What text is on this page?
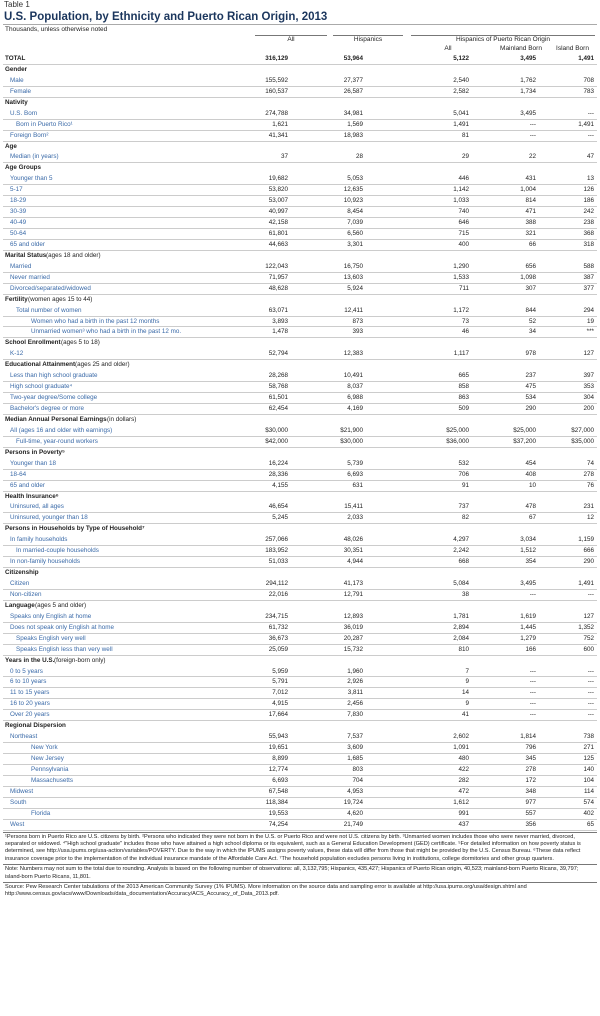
Table 1
U.S. Population, by Ethnicity and Puerto Rican Origin, 2013
Thousands, unless otherwise noted
All	Hispanics	Hispanics of Puerto Rican Origin
All	Mainland Born	Island Born
TOTAL	316,129	53,964	5,122	3,495	1,491
Gender
Male	155,592	27,377	2,540	1,762	708
Female	160,537	26,587	2,582	1,734	783
Nativity
U.S. Born	274,788	34,981	5,041	3,495	---
Born in Puerto Rico¹	1,621	1,569	1,491	---	1,491
Foreign Born²	41,341	18,983	81	---	---
Age
Median (in years)	37	28	29	22	47
Age Groups
Younger than 5	19,682	5,053	446	431	13
5-17	53,820	12,635	1,142	1,004	126
18-29	53,007	10,923	1,033	814	186
30-39	40,997	8,454	740	471	242
40-49	42,158	7,039	646	388	238
50-64	61,801	6,560	715	321	368
65 and older	44,663	3,301	400	66	318
Marital Status (ages 18 and older)
Married	122,043	16,750	1,290	656	588
Never married	71,957	13,603	1,533	1,098	387
Divorced/separated/widowed	48,628	5,924	711	307	377
Fertility (women ages 15 to 44)
Total number of women	63,071	12,411	1,172	844	294
Women who had a birth in the past 12 months	3,893	873	73	52	19
Unmarried women³ who had a birth in the past 12 mo.	1,478	393	46	34	***
School Enrollment (ages 5 to 18)
K-12	52,794	12,383	1,117	978	127
Educational Attainment (ages 25 and older)
Less than high school graduate	28,268	10,491	665	237	397
High school graduate⁴	58,768	8,037	858	475	353
Two-year degree/Some college	61,501	6,988	863	534	304
Bachelor's degree or more	62,454	4,169	509	290	200
Median Annual Personal Earnings (in dollars)
All (ages 16 and older with earnings)	$30,000	$21,900	$25,000	$25,000	$27,000
Full-time, year-round workers	$42,000	$30,000	$36,000	$37,200	$35,000
Persons in Poverty⁵
Younger than 18	16,224	5,739	532	454	74
18-64	28,336	6,693	706	408	278
65 and older	4,155	631	91	10	76
Health Insurance⁶
Uninsured, all ages	46,654	15,411	737	478	231
Uninsured, younger than 18	5,245	2,033	82	67	12
Persons in Households by Type of Household⁷
In family households	257,066	48,026	4,297	3,034	1,159
In married-couple households	183,952	30,351	2,242	1,512	666
In non-family households	51,033	4,944	668	354	290
Citizenship
Citizen	294,112	41,173	5,084	3,495	1,491
Non-citizen	22,016	12,791	38	---	---
Language (ages 5 and older)
Speaks only English at home	234,715	12,893	1,781	1,619	127
Does not speak only English at home	61,732	36,019	2,894	1,445	1,352
Speaks English very well	36,673	20,287	2,084	1,279	752
Speaks English less than very well	25,059	15,732	810	166	600
Years in the U.S. (foreign-born only)
0 to 5 years	5,959	1,960	7	---	---
6 to 10 years	5,791	2,926	9	---	---
11 to 15 years	7,012	3,811	14	---	---
16 to 20 years	4,915	2,456	9	---	---
Over 20 years	17,664	7,830	41	---	---
Regional Dispersion
Northeast	55,943	7,537	2,602	1,814	738
New York	19,651	3,609	1,091	796	271
New Jersey	8,899	1,685	480	345	125
Pennsylvania	12,774	803	422	278	140
Massachusetts	6,693	704	282	172	104
Midwest	67,548	4,953	472	348	114
South	118,384	19,724	1,612	977	574
Florida	19,553	4,620	991	557	402
West	74,254	21,749	437	356	65
¹Persons born in Puerto Rico are U.S. citizens by birth. ²Persons who indicated they were not born in the U.S. or Puerto Rico and were not U.S. citizens by birth. ³Unmarried women includes those who were never married, divorced, separated or widowed. ⁴"High school graduate" includes those who have attained a high school diploma or its equivalent, such as a General Education Development (GED) certificate. ⁵For detailed information on how poverty status is determined, see http://usa.ipums.org/usa-action/variables/POVERTY. Due to the way in which the IPUMS assigns poverty values, these data will differ from those that might be provided by the U.S. Census Bureau. ⁶These data reflect insurance coverage prior to the implementation of the individual insurance mandate of the Affordable Care Act. ⁷The household population excludes persons living in institutions, college dormitories and other group quarters.
Note: Numbers may not sum to the total due to rounding. Analysis is based on the following number of observations: all, 3,132,795; Hispanics, 435,427; Hispanics of Puerto Rican origin, 40,523; mainland-born Puerto Ricans, 39,797; island-born Puerto Ricans, 11,801.
Source: Pew Research Center tabulations of the 2013 American Community Survey (1% IPUMS). More information on the source data and sampling error is available at http://usa.ipums.org/usa/design.shtml and http://www.census.gov/acs/www/Downloads/data_documentation/Accuracy/ACS_Accuracy_of_Data_2013.pdf.
